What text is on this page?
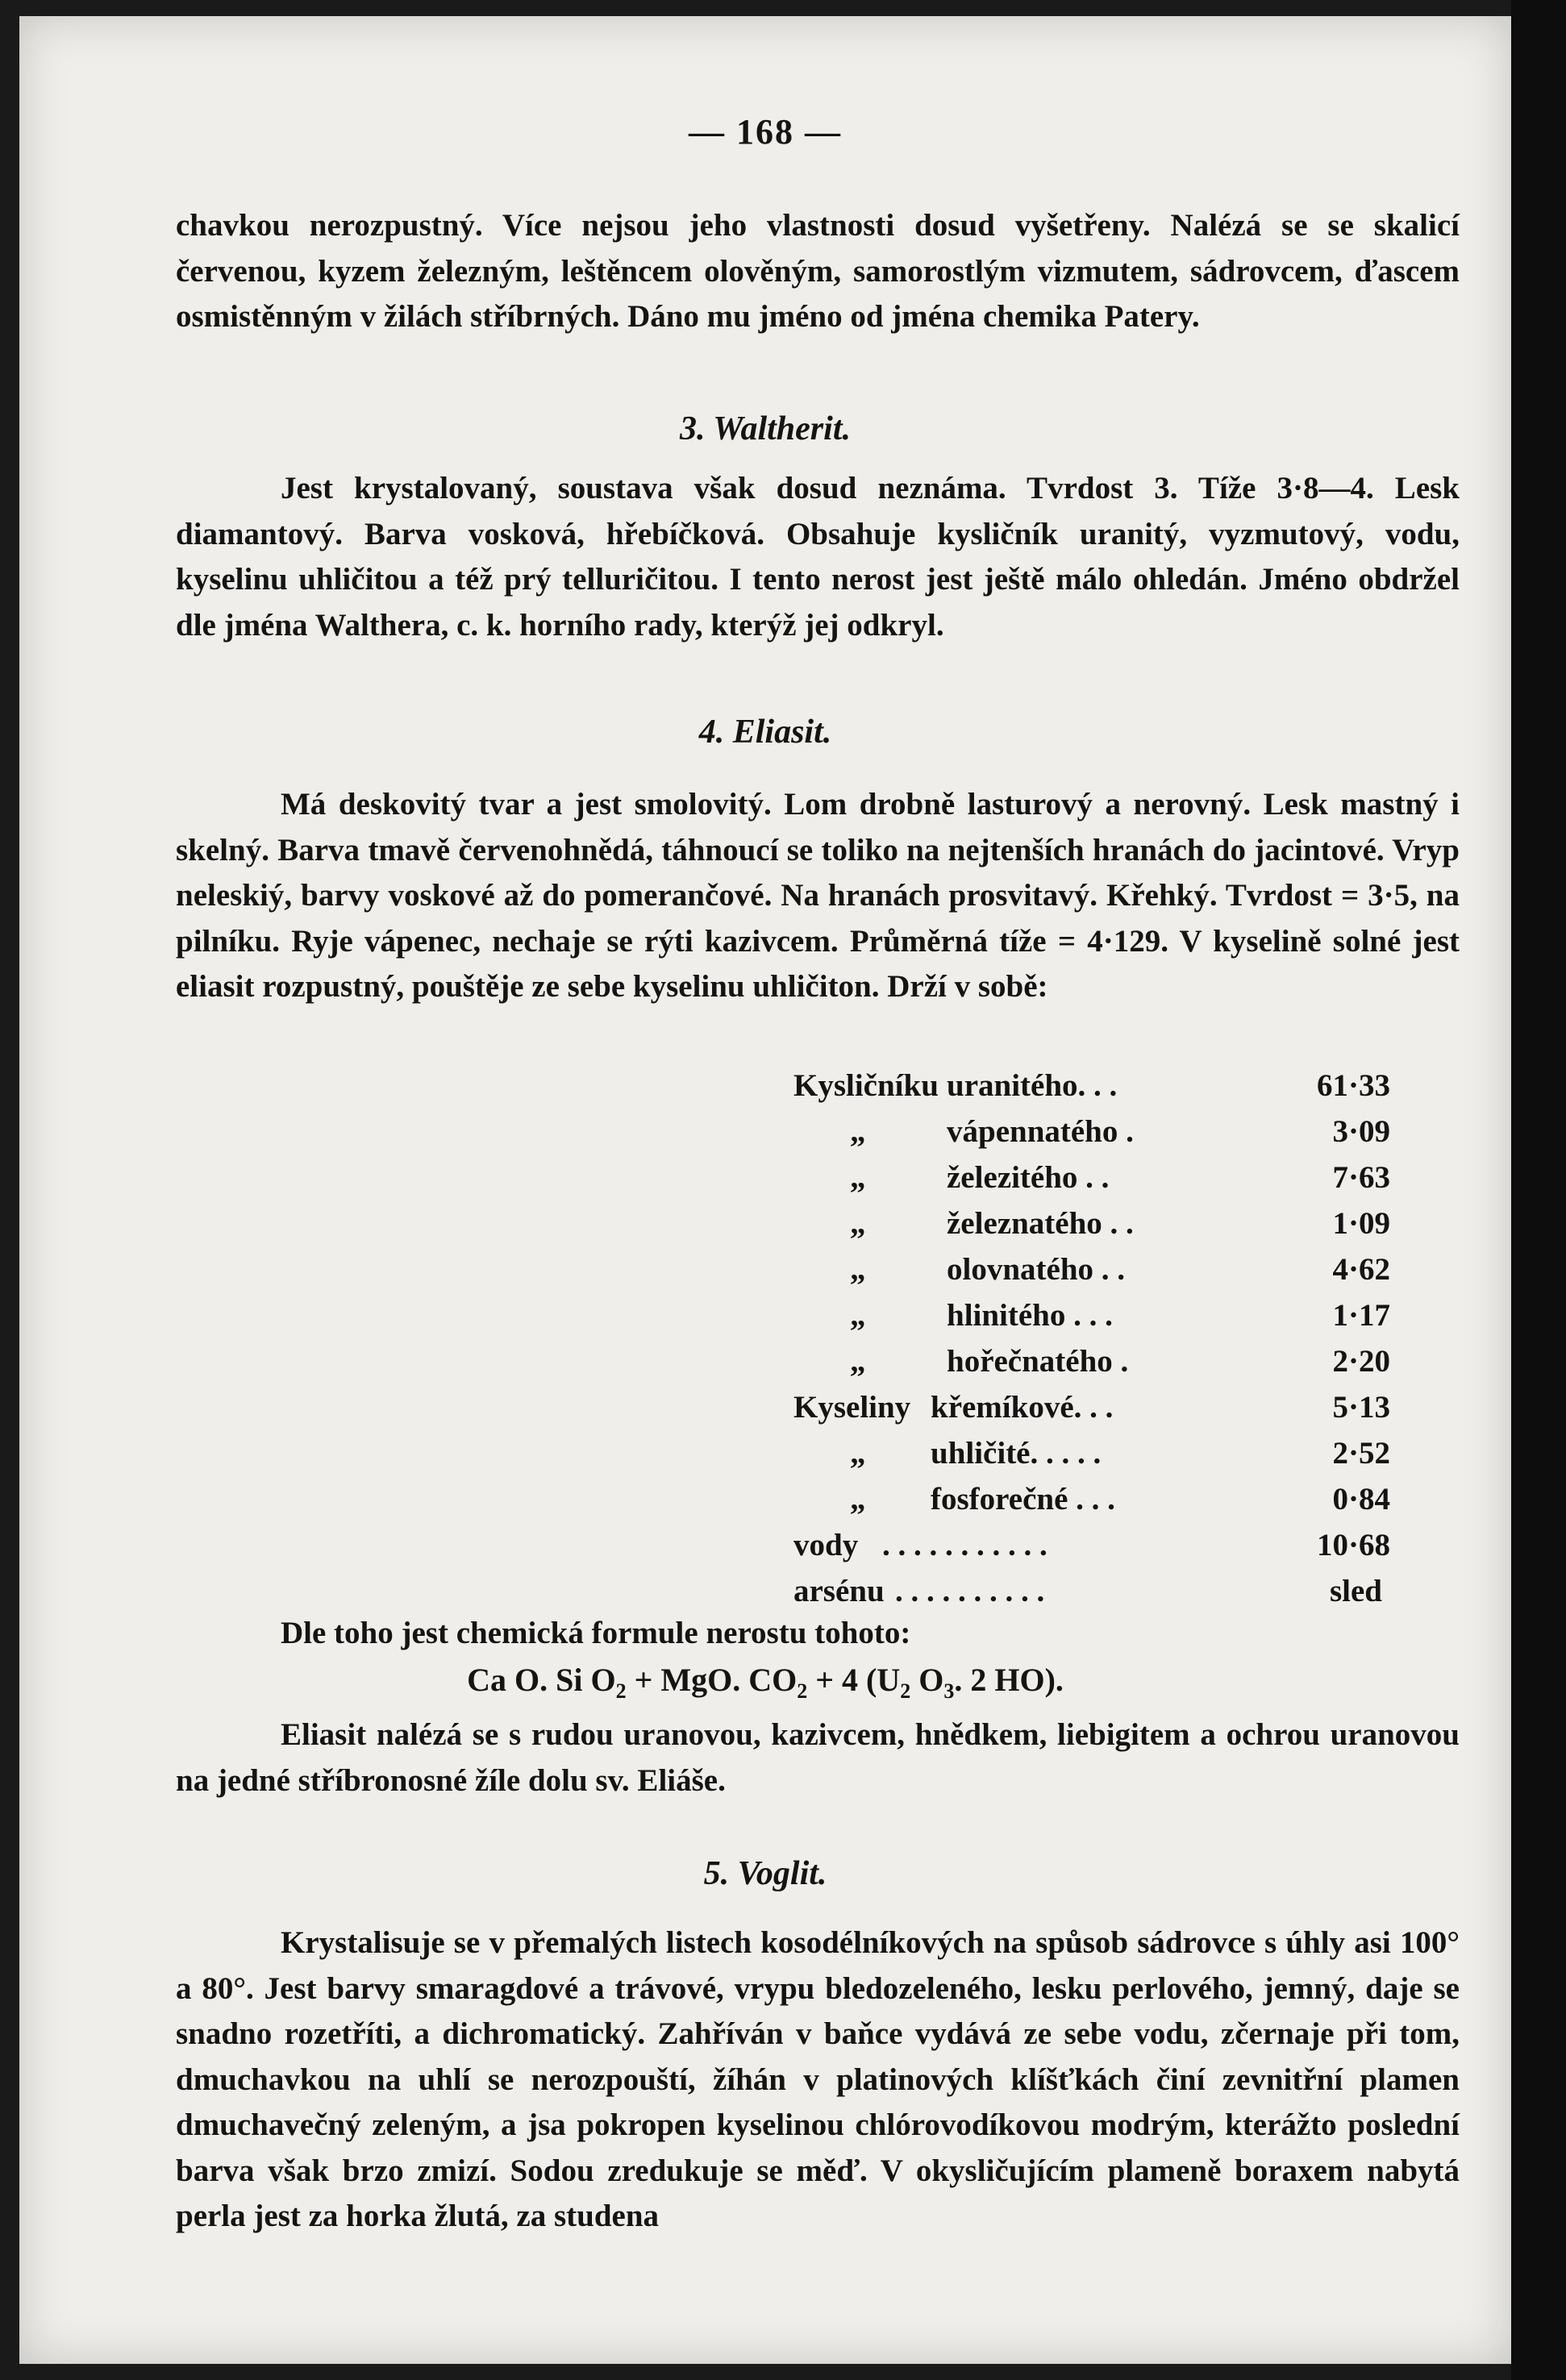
— 168 —

chavkou nerozpustný. Více nejsou jeho vlastnosti dosud vyšetřeny. Nalézá se se skalicí červenou, kyzem železným, leštěncem olověným, samorostlým vizmutem, sádrovcem, ďascem osmistěnným v žilách stříbrných. Dáno mu jméno od jména chemika Patery.

3. Waltherit.

Jest krystalovaný, soustava však dosud neznáma. Tvrdost 3. Tíže 3·8—4. Lesk diamantový. Barva vosková, hřebíčková. Obsahuje kysličník uranitý, vyzmutový, vodu, kyselinu uhličitou a též prý telluričitou. I tento nerost jest ještě málo ohledán. Jméno obdržel dle jména Walthera, c. k. horního rady, kterýž jej odkryl.

4. Eliasit.

Má deskovitý tvar a jest smolovitý. Lom drobně lasturový a nerovný. Lesk mastný i skelný. Barva tmavě červenohnědá, táhnoucí se toliko na nejtenších hranách do jacintové. Vryp neleskiý, barvy voskové až do pomerančové. Na hranách prosvitavý. Křehký. Tvrdost = 3·5, na pilníku. Ryje vápenec, nechaje se rýti kazivcem. Průměrná tíže = 4·129. V kyselině solné jest eliasit rozpustný, pouštěje ze sebe kyselinu uhličiton. Drží v sobě:

Kysličníku uranitého. . .	61·33
„	vápennatého .	3·09
„	železitého . .	7·63
„	železnatého . .	1·09
„	olovnatého . .	4·62
„	hlinitého . . .	1·17
„	hořečnatého .	2·20
Kyseliny křemíkové. . .	5·13
„ uhličité. . . . .	2·52
„ fosforečné . . .	0·84
vody . . . . . . . . . . .	10·68
arsénu . . . . . . . . . .	sled

Dle toho jest chemická formule nerostu tohoto:

Ca O. Si $O_2$ + MgO. $CO_2 + 4$ ($U_2$ $O_3$. 2 HO).

Eliasit nalézá se s rudou uranovou, kazivcem, hnědkem, liebigitem a ochrou uranovou na jedné stříbronosné žíle dolu sv. Eliáše.

5. Voglit.

Krystalisuje se v přemalých listech kosodélníkových na spůsob sádrovce s úhly asi 100° a 80°. Jest barvy smaragdové a trávové, vrypu bledozeleného, lesku perlového, jemný, daje se snadno rozetříti, a dichromatický. Zahříván v baňce vydává ze sebe vodu, zčernaje při tom, dmuchavkou na uhlí se nerozpouští, žíhán v platinových klíšťkách činí zevnitřní plamen dmuchavečný zeleným, a jsa pokropen kyselinou chlórovodíkovou modrým, kterážto poslední barva však brzo zmizí. Sodou zredukuje se měď. V okysličujícím plameně boraxem nabytá perla jest za horka žlutá, za studena
